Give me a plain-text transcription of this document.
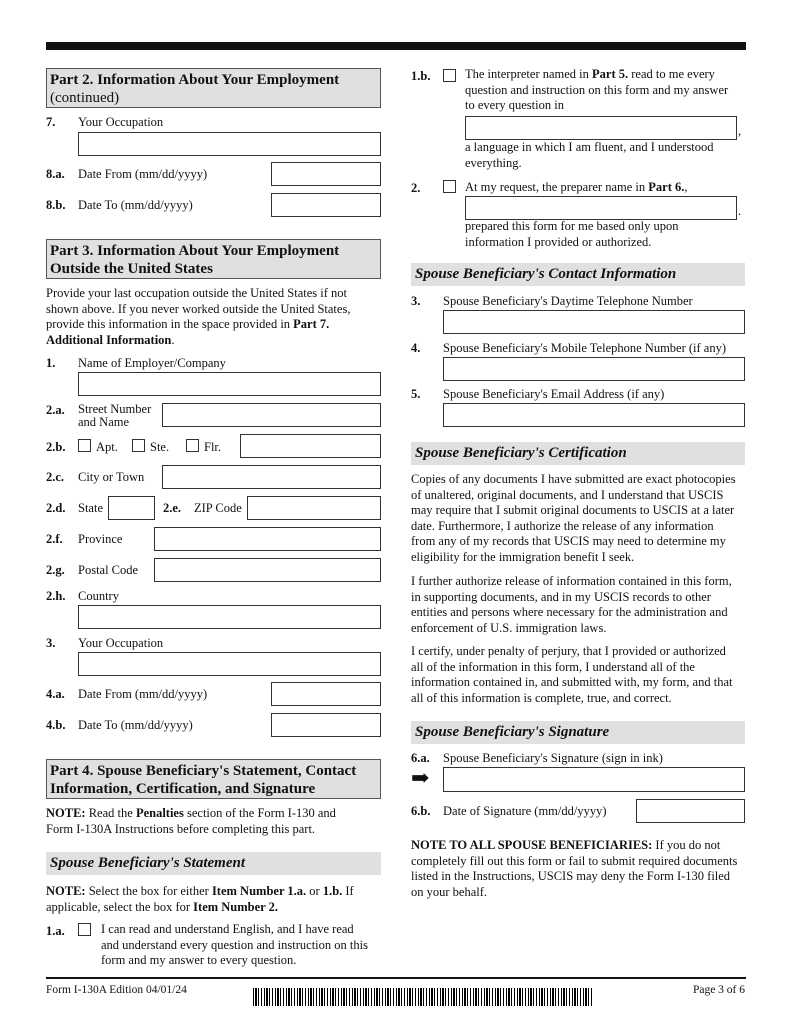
Part 2. Information About Your Employment
(continued)
7. Your Occupation
8.a. Date From (mm/dd/yyyy)
8.b. Date To (mm/dd/yyyy)
Part 3. Information About Your Employment
Outside the United States
Provide your last occupation outside the United States if not
shown above. If you never worked outside the United States,
provide this information in the space provided in Part 7.
Additional Information.
1. Name of Employer/Company
2.a. Street Number
and Name
2.b. Apt.	Ste.	Flr.
2.c. City or Town
2.d. State	2.e. ZIP Code
2.f. Province
2.g. Postal Code
2.h. Country
3. Your Occupation
4.a. Date From (mm/dd/yyyy)
4.b. Date To (mm/dd/yyyy)
Part 4. Spouse Beneficiary's Statement, Contact
Information, Certification, and Signature
NOTE: Read the Penalties section of the Form I-130 and
Form I-130A Instructions before completing this part.
Spouse Beneficiary's Statement
NOTE: Select the box for either Item Number 1.a. or 1.b. If
applicable, select the box for Item Number 2.
1.a.	I can read and understand English, and I have read
and understand every question and instruction on this
form and my answer to every question.
1.b.	The interpreter named in Part 5. read to me every
question and instruction on this form and my answer
to every question in
,
a language in which I am fluent, and I understood
everything.
2.	At my request, the preparer name in Part 6.,
.
prepared this form for me based only upon
information I provided or authorized.
Spouse Beneficiary's Contact Information
3. Spouse Beneficiary's Daytime Telephone Number
4. Spouse Beneficiary's Mobile Telephone Number (if any)
5. Spouse Beneficiary's Email Address (if any)
Spouse Beneficiary's Certification
Copies of any documents I have submitted are exact photocopies
of unaltered, original documents, and I understand that USCIS
may require that I submit original documents to USCIS at a later
date. Furthermore, I authorize the release of any information
from any of my records that USCIS may need to determine my
eligibility for the immigration benefit I seek.
I further authorize release of information contained in this form,
in supporting documents, and in my USCIS records to other
entities and persons where necessary for the administration and
enforcement of U.S. immigration laws.
I certify, under penalty of perjury, that I provided or authorized
all of the information in this form, I understand all of the
information contained in, and submitted with, my form, and that
all of this information is complete, true, and correct.
Spouse Beneficiary's Signature
6.a. Spouse Beneficiary's Signature (sign in ink)
➡
6.b. Date of Signature (mm/dd/yyyy)
NOTE TO ALL SPOUSE BENEFICIARIES: If you do not
completely fill out this form or fail to submit required documents
listed in the Instructions, USCIS may deny the Form I-130 filed
on your behalf.
Form I-130A Edition 04/01/24	Page 3 of 6
